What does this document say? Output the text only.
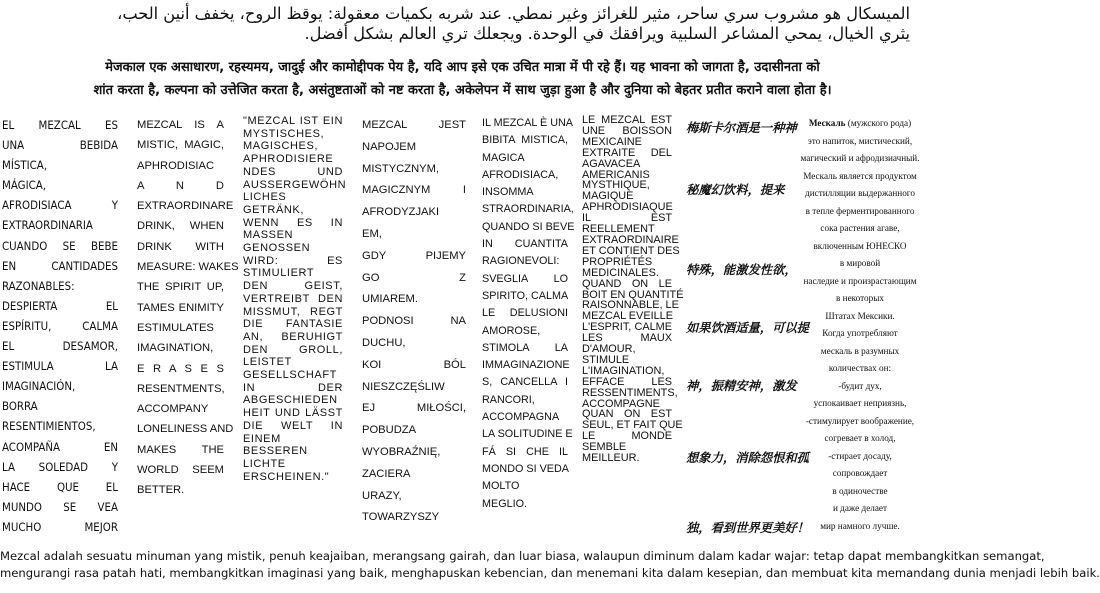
الميسكال هو مشروب سري ساحر، مثير للغرائز وغير نمطي. عند شربه بكميات معقولة: يوقظ الروح، يخفف أنين الحب،
يثري الخيال، يمحي المشاعر السلبية ويرافقك في الوحدة. ويجعلك تري العالم بشكل أفضل.
मेजकाल एक असाधारण, रहस्यमय, जादुई और कामोद्दीपक पेय है, यदि आप इसे एक उचित मात्रा में पी रहे हैं। यह भावना को जागता है, उदासीनता को
शांत करता है, कल्पना को उत्तेजित करता है, असंतुष्टताओं को नष्ट करता है, अकेलेपन में साथ जुड़ा हुआ है और दुनिया को बेहतर प्रतीत कराने वाला होता है।
EL MEZCAL ES
UNA BEBIDA
MÍSTICA,
MÁGICA,
AFRODISIACA Y
EXTRAORDINARIA
CUANDO SE BEBE
EN CANTIDADES
RAZONABLES:
DESPIERTA EL
ESPÍRITU, CALMA
EL DESAMOR,
ESTIMULA LA
IMAGINACIÓN,
BORRA
RESENTIMIENTOS,
ACOMPAÑA EN
LA SOLEDAD Y
HACE QUE EL
MUNDO SE VEA
MUCHO MEJOR
MEZCAL IS A
MISTIC, MAGIC,
APHRODISIAC
A N D
EXTRAORDINARE
DRINK, WHEN
DRINK WITH
MEASURE: WAKES
THE SPIRIT UP,
TAMES ENIMITY
ESTIMULATES
IMAGINATION,
E R A S E S
RESENTMENTS,
ACCOMPANY
LONELINESS AND
MAKES THE
WORLD SEEM
BETTER.
"MEZCAL IST EIN
MYSTISCHES,
MAGISCHES,
APHRODISIERE
NDES UND
AUSSERGEWÖHN
LICHES
GETRÄNK,
WENN ES IN
MASSEN
GENOSSEN
WIRD: ES
STIMULIERT
DEN GEIST,
VERTREIBT DEN
MISSMUT, REGT
DIE FANTASIE
AN, BERUHIGT
DEN GROLL,
LEISTET
GESELLSCHAFT
IN DER
ABGESCHIEDEN
HEIT UND LÄSST
DIE WELT IN
EINEM
BESSEREN
LICHTE
ERSCHEINEN."
MEZCAL JEST
NAPOJEM
MISTYCZNYM,
MAGICZNYM I
AFRODYZJAKI
EM,
GDY PIJEMY
GO Z
UMIAREM.
PODNOSI NA
DUCHU,
KOI BÓL
NIESZCZĘŚLIW
EJ MIŁOŚCI,
POBUDZA
WYOBRAŹNIĘ,
ZACIERA
URAZY,
TOWARZYSZY
IL MEZCAL È UNA
BIBITA MISTICA,
MAGICA
AFRODISIACA,
INSOMMA
STRAORDINARIA,
QUANDO SI BEVE
IN CUANTITA
RAGIONEVOLI:
SVEGLIA LO
SPIRITO, CALMA
LE DELUSIONI
AMOROSE,
STIMOLA LA
IMMAGINAZIONE
S, CANCELLA I
RANCORI,
ACCOMPAGNA
LA SOLITUDINE E
FÁ SI CHE IL
MONDO SI VEDA
MOLTO
MEGLIO.
LE MEZCAL EST
UNE BOISSON
MEXICAINE
EXTRAITE DEL
AGAVACEA
AMERICANIS
MYSTHIQUE,
MAGIQUE
APHRODISIAQUE
IL EST
REELLEMENT
EXTRAORDINAIRE
ET CONTIENT DES
PROPRIÉTÉS
MEDICINALES.
QUAND ON LE
BOIT EN QUANTITÉ
RAISONNABLE, LE
MEZCAL EVEILLE
L'ESPRIT, CALME
LES MAUX
D'AMOUR,
STIMULE
L'IMAGINATION,
EFFACE LES
RESSENTIMENTS,
ACCOMPAGNE
QUAN ON EST
SEUL, ET FAIT QUE
LE MONDE
SEMBLE
MEILLEUR.
梅斯卡尔酒是一种神
秘魔幻饮料，提来
特殊，能激发性欲，
如果饮酒适量，可以提
神，振精安神，激发
想象力，消除怨恨和孤
独，看到世界更美好！
Мескаль (мужского рода)
это напиток, мистический,
магический и афродизиачный.
Мескаль является продуктом
дистилляции выдержанного
в тепле ферментированного
сока растения агаве,
включенным ЮНЕСКО
в мировой
наследие и произрастающим
в некоторых
Штатах Мексики.
Когда употребляют
мескаль в разумных
количествах он:
-будит дух,
успокаивает неприязнь,
-стимулирует воображение,
согревает в холод,
-стирает досаду,
сопровождает
в одиночестве
и даже делает
мир намного лучше.
Mezcal adalah sesuatu minuman yang mistik, penuh keajaiban, merangsang gairah, dan luar biasa, walaupun diminum dalam kadar wajar: tetap dapat membangkitkan semangat,
mengurangi rasa patah hati, membangkitkan imaginasi yang baik, menghapuskan kebencian, dan menemani kita dalam kesepian, dan membuat kita memandang dunia menjadi lebih baik.
